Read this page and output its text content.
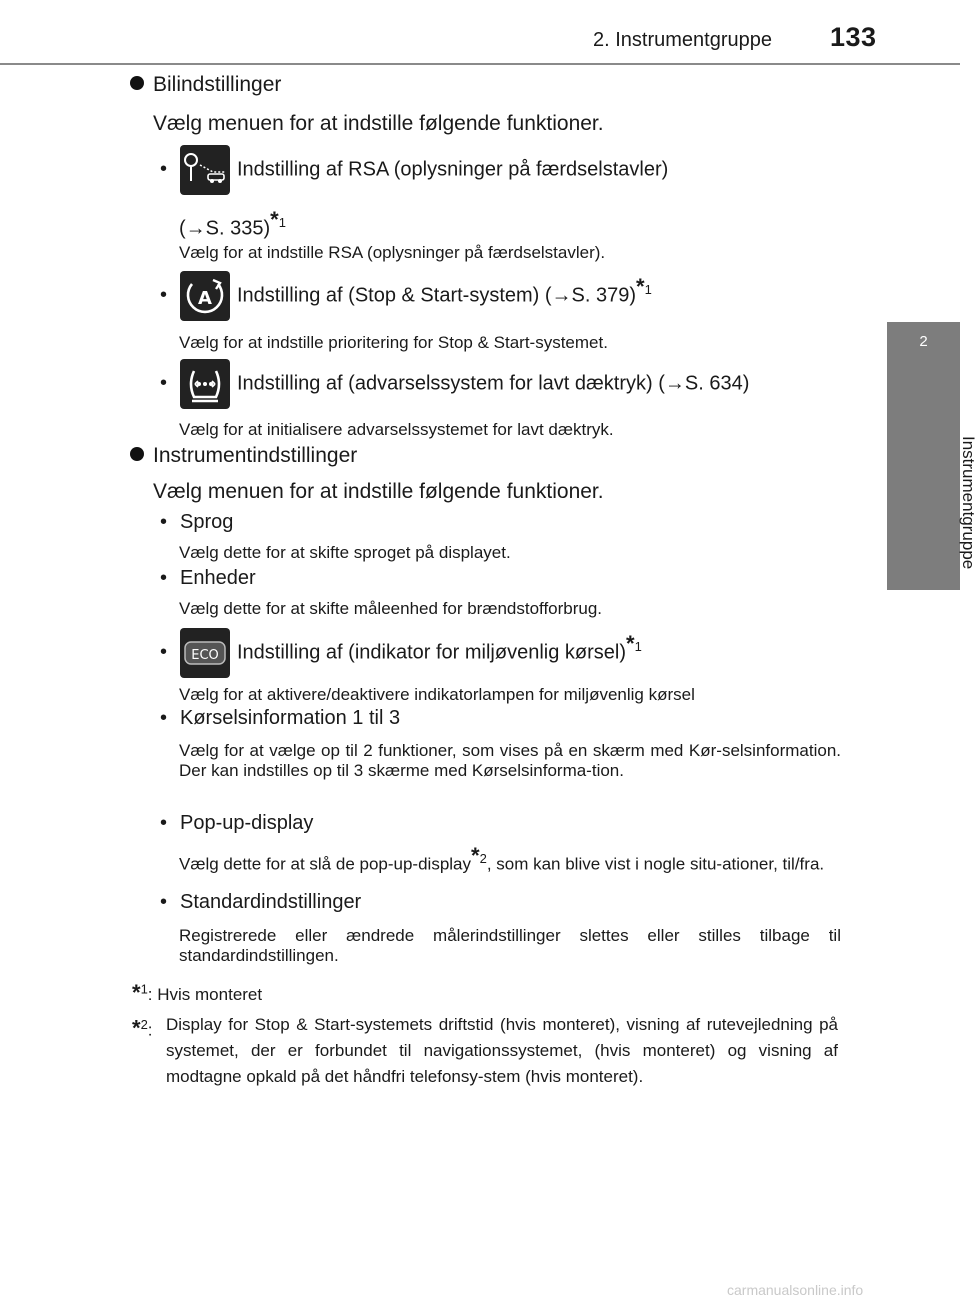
2. Instrumentgruppe 133
2
Instrumentgruppe
Bilindstillinger
Vælg menuen for at indstille følgende funktioner.
•	Indstilling af RSA (oplysninger på færdselstavler)
(→S. 335)$^{*1}$
Vælg for at indstille RSA (oplysninger på færdselstavler).
• A Indstilling af (Stop & Start-system) (→S. 379)$^{*1}$
Vælg for at indstille prioritering for Stop & Start-systemet.
•	Indstilling af (advarselssystem for lavt dæktryk) (→S. 634)
Vælg for at initialisere advarselssystemet for lavt dæktryk.
Instrumentindstillinger
Vælg menuen for at indstille følgende funktioner.
• Sprog
Vælg dette for at skifte sproget på displayet.
• Enheder
Vælg dette for at skifte måleenhed for brændstofforbrug.
• ECO Indstilling af (indikator for miljøvenlig kørsel)$^{*1}$
Vælg for at aktivere/deaktivere indikatorlampen for miljøvenlig kørsel
• Kørselsinformation 1 til 3
Vælg for at vælge op til 2 funktioner, som vises på en skærm med Kør-selsinformation. Der kan indstilles op til 3 skærme med Kørselsinforma-tion.
• Pop-up-display
Vælg dette for at slå de pop-up-display$^{*2}$, som kan blive vist i nogle situ-ationer, til/fra.
• Standardindstillinger
Registrerede eller ændrede målerindstillinger slettes eller stilles tilbage til standardindstillingen.
*$^1$: Hvis monteret
*$^2$: Display for Stop & Start-systemets driftstid (hvis monteret), visning af rutevejledning på systemet, der er forbundet til navigationssystemet, (hvis monteret) og visning af modtagne opkald på det håndfri telefonsy-stem (hvis monteret).
carmanualsonline.info
